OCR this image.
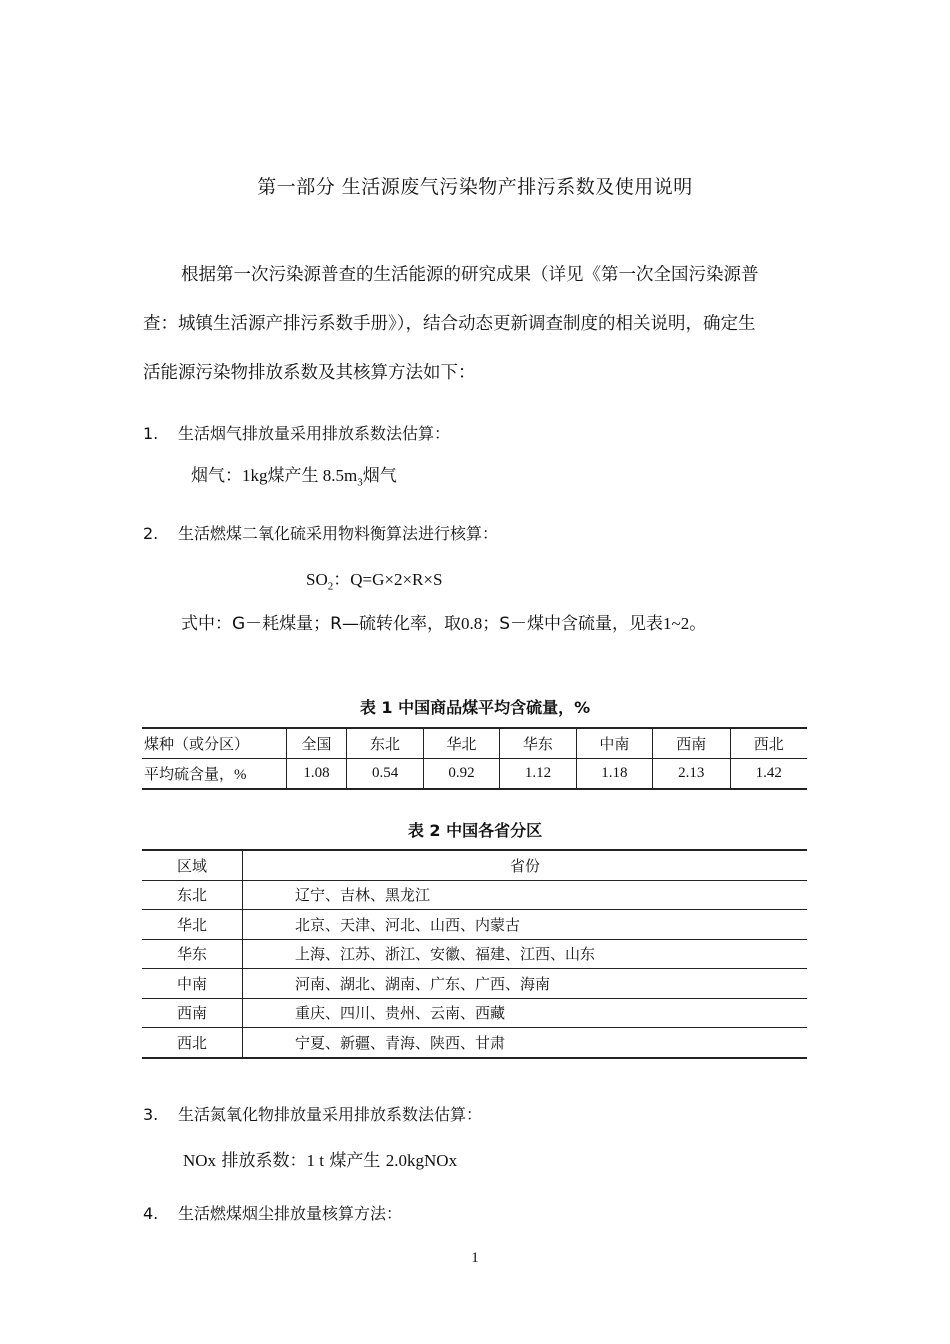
第一部分 生活源废气污染物产排污系数及使用说明
根据第一次污染源普查的生活能源的研究成果（详见《第一次全国污染源普
查：城镇生活源产排污系数手册》），结合动态更新调查制度的相关说明，确定生
活能源污染物排放系数及其核算方法如下：
1. 生活烟气排放量采用排放系数法估算：
烟气：1kg煤产生 $8.5m_3$烟气
2. 生活燃煤二氧化硫采用物料衡算法进行核算：
$SO_2$：Q=G×2×R×S
式中：G－耗煤量；R—硫转化率，取0.8；S－煤中含硫量，见表1~2。
表 1 中国商品煤平均含硫量，%
煤种（或分区）	全国	东北	华北	华东	中南	西南	西北
平均硫含量，%	1.08	0.54	0.92	1.12	1.18	2.13	1.42
表 2 中国各省分区
区域	省份
东北	辽宁、吉林、黑龙江
华北	北京、天津、河北、山西、内蒙古
华东	上海、江苏、浙江、安徽、福建、江西、山东
中南	河南、湖北、湖南、广东、广西、海南
西南	重庆、四川、贵州、云南、西藏
西北	宁夏、新疆、青海、陕西、甘肃
3. 生活氮氧化物排放量采用排放系数法估算：
NOx 排放系数：1 t 煤产生 2.0kgNOx
4. 生活燃煤烟尘排放量核算方法：
1
